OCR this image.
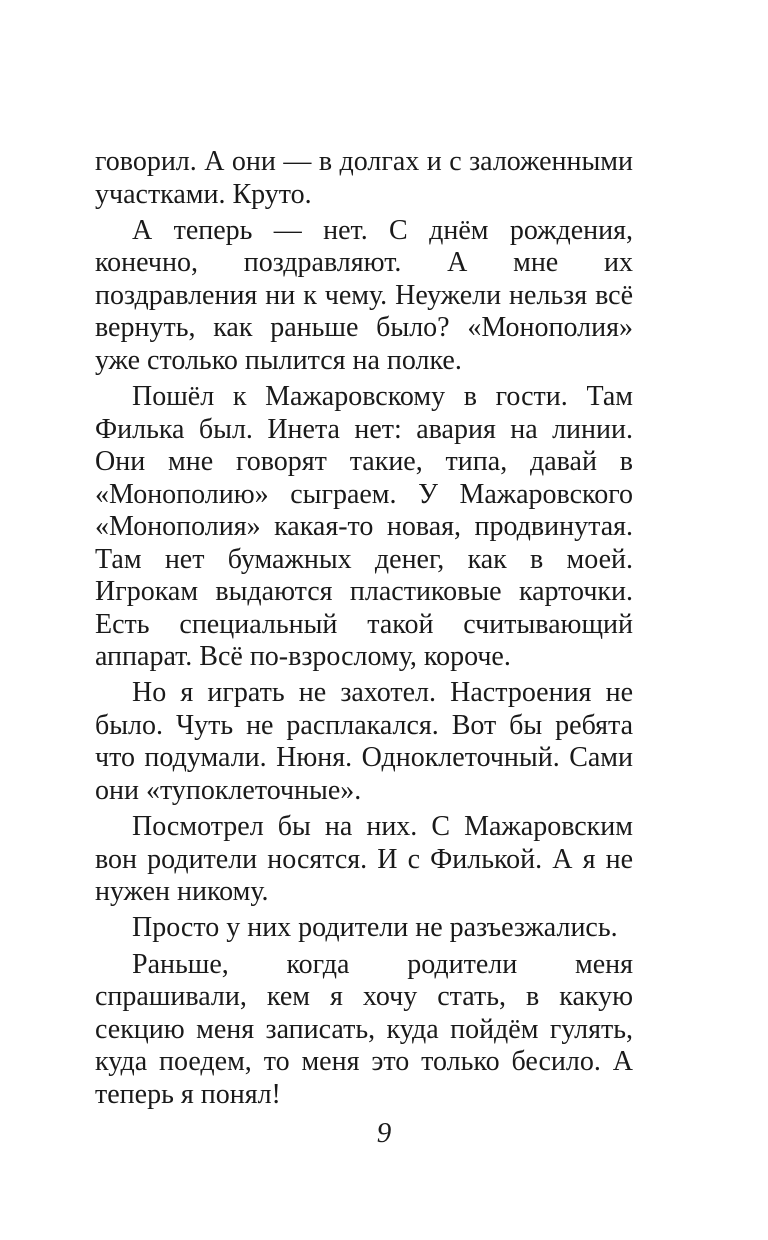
говорил. А они — в долгах и с заложенными участками. Круто.

А теперь — нет. С днём рождения, конечно, поздравляют. А мне их поздравления ни к чему. Неужели нельзя всё вернуть, как раньше было? «Монополия» уже столько пылится на полке.

Пошёл к Мажаровскому в гости. Там Филька был. Инета нет: авария на линии. Они мне говорят такие, типа, давай в «Монополию» сыграем. У Мажаровского «Монополия» какая-то новая, продвинутая. Там нет бумажных денег, как в моей. Игрокам выдаются пластиковые карточки. Есть специальный такой считывающий аппарат. Всё по-взрослому, короче.

Но я играть не захотел. Настроения не было. Чуть не расплакался. Вот бы ребята что подумали. Нюня. Одноклеточный. Сами они «тупоклеточные».

Посмотрел бы на них. С Мажаровским вон родители носятся. И с Филькой. А я не нужен никому.

Просто у них родители не разъезжались.

Раньше, когда родители меня спрашивали, кем я хочу стать, в какую секцию меня записать, куда пойдём гулять, куда поедем, то меня это только бесило. А теперь я понял!

9
